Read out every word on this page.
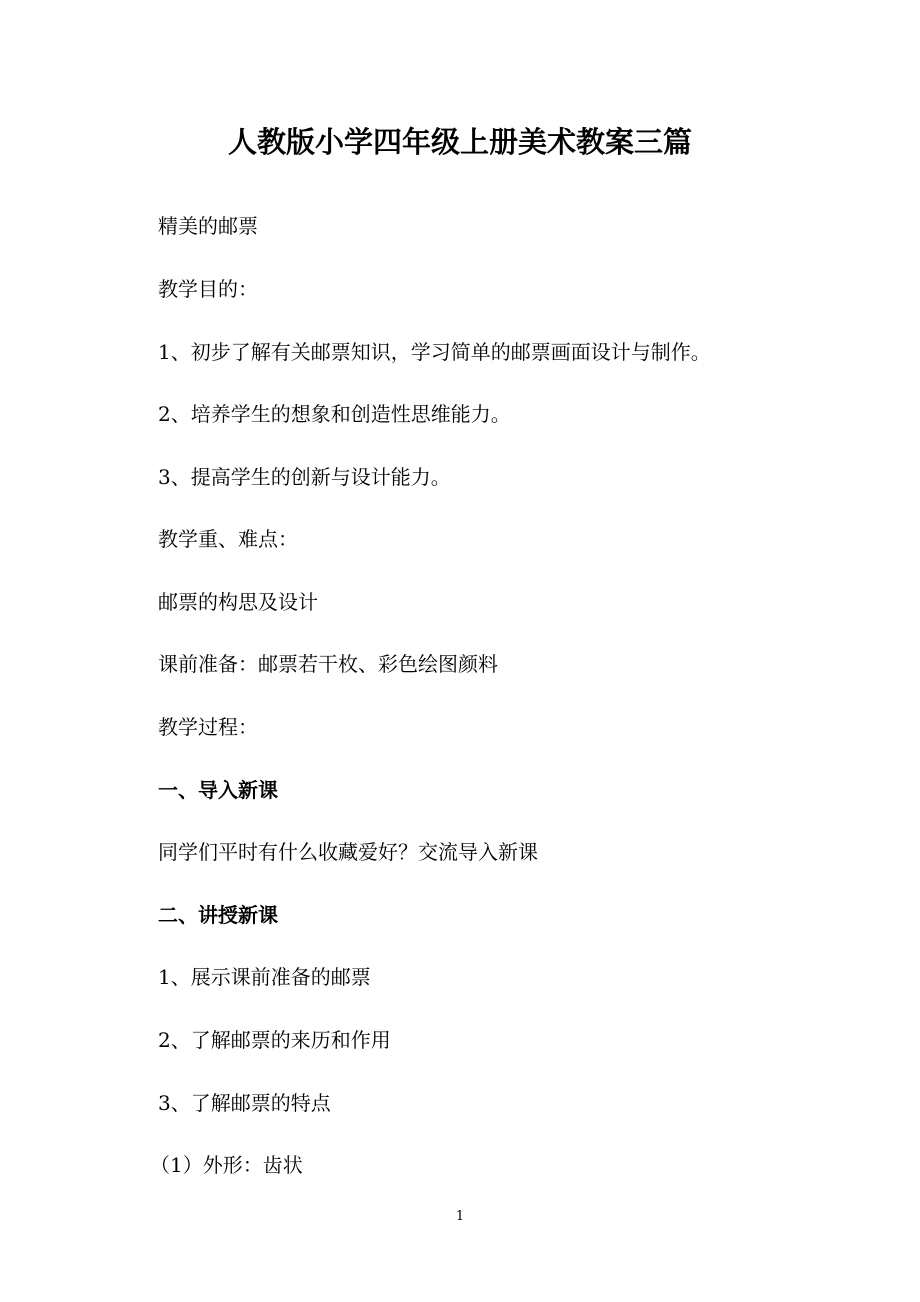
人教版小学四年级上册美术教案三篇
精美的邮票
教学目的：
1、初步了解有关邮票知识，学习简单的邮票画面设计与制作。
2、培养学生的想象和创造性思维能力。
3、提高学生的创新与设计能力。
教学重、难点：
邮票的构思及设计
课前准备：邮票若干枚、彩色绘图颜料
教学过程：
一、导入新课
同学们平时有什么收藏爱好？交流导入新课
二、讲授新课
1、展示课前准备的邮票
2、了解邮票的来历和作用
3、了解邮票的特点
（1）外形：齿状
1
